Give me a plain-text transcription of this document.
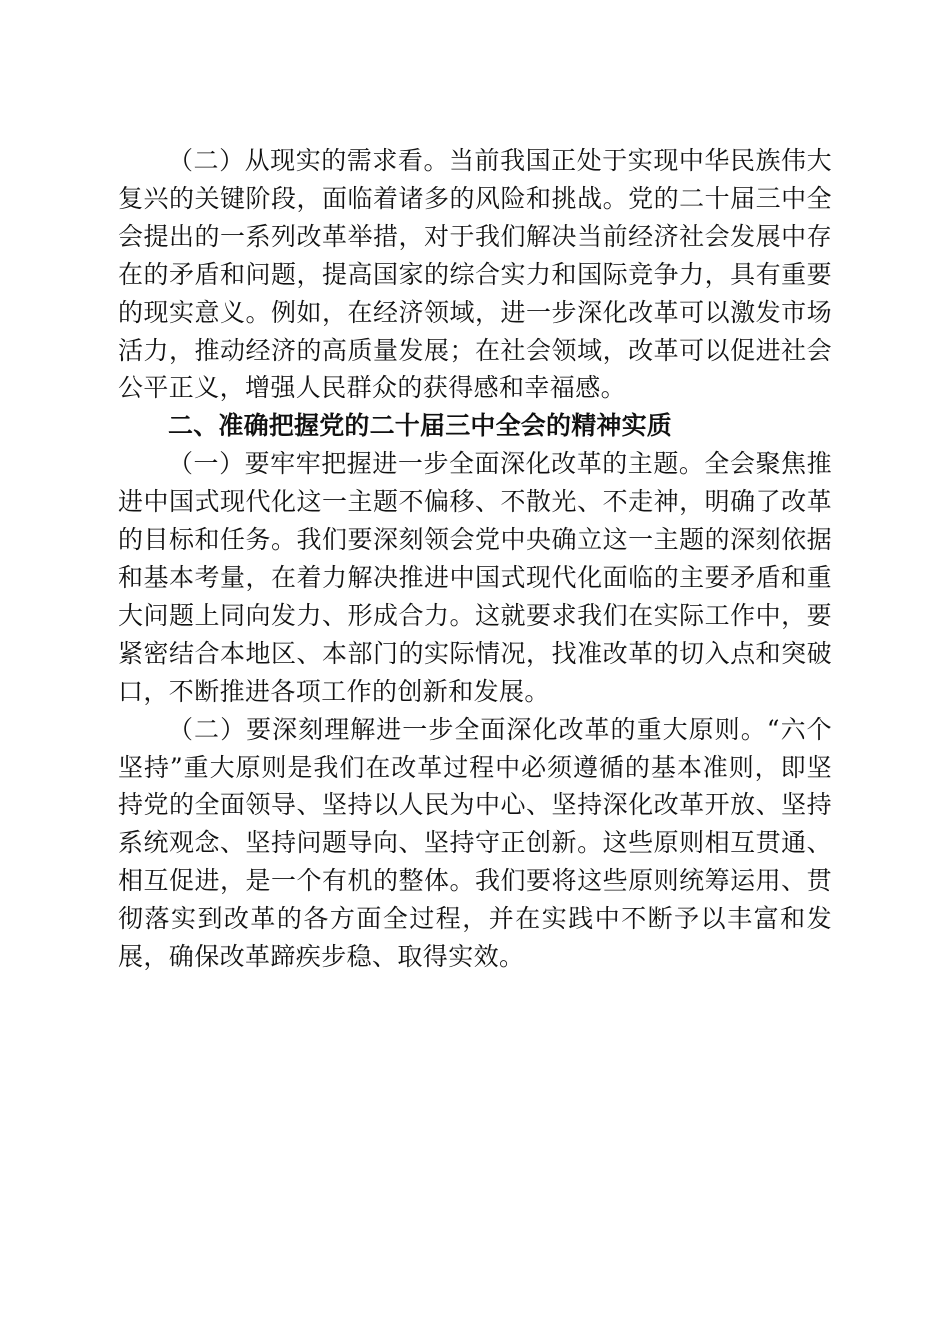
（二）从现实的需求看。当前我国正处于实现中华民族伟大复兴的关键阶段，面临着诸多的风险和挑战。党的二十届三中全会提出的一系列改革举措，对于我们解决当前经济社会发展中存在的矛盾和问题，提高国家的综合实力和国际竞争力，具有重要的现实意义。例如，在经济领域，进一步深化改革可以激发市场活力，推动经济的高质量发展；在社会领域，改革可以促进社会公平正义，增强人民群众的获得感和幸福感。

二、准确把握党的二十届三中全会的精神实质

（一）要牢牢把握进一步全面深化改革的主题。全会聚焦推进中国式现代化这一主题不偏移、不散光、不走神，明确了改革的目标和任务。我们要深刻领会党中央确立这一主题的深刻依据和基本考量，在着力解决推进中国式现代化面临的主要矛盾和重大问题上同向发力、形成合力。这就要求我们在实际工作中，要紧密结合本地区、本部门的实际情况，找准改革的切入点和突破口，不断推进各项工作的创新和发展。

（二）要深刻理解进一步全面深化改革的重大原则。“六个坚持”重大原则是我们在改革过程中必须遵循的基本准则，即坚持党的全面领导、坚持以人民为中心、坚持深化改革开放、坚持系统观念、坚持问题导向、坚持守正创新。这些原则相互贯通、相互促进，是一个有机的整体。我们要将这些原则统筹运用、贯彻落实到改革的各方面全过程，并在实践中不断予以丰富和发展，确保改革蹄疾步稳、取得实效。
